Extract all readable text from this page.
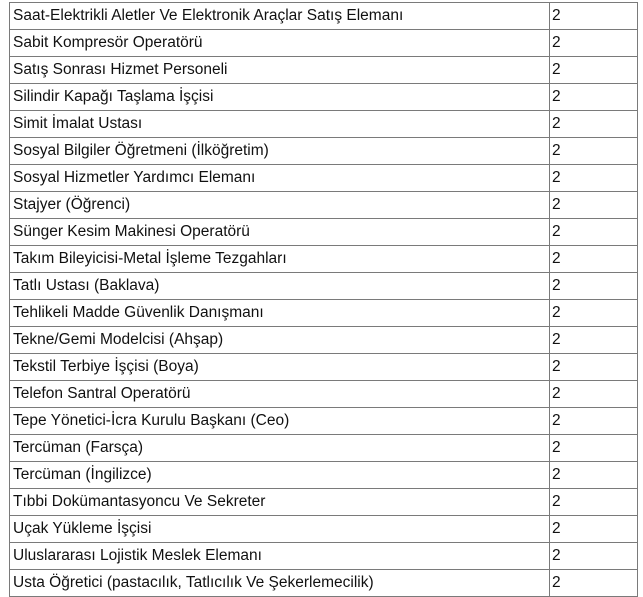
Saat-Elektrikli Aletler Ve Elektronik Araçlar Satış Elemanı	2
Sabit Kompresör Operatörü	2
Satış Sonrası Hizmet Personeli	2
Silindir Kapağı Taşlama İşçisi	2
Simit İmalat Ustası	2
Sosyal Bilgiler Öğretmeni (İlköğretim)	2
Sosyal Hizmetler Yardımcı Elemanı	2
Stajyer (Öğrenci)	2
Sünger Kesim Makinesi Operatörü	2
Takım Bileyicisi-Metal İşleme Tezgahları	2
Tatlı Ustası (Baklava)	2
Tehlikeli Madde Güvenlik Danışmanı	2
Tekne/Gemi Modelcisi (Ahşap)	2
Tekstil Terbiye İşçisi (Boya)	2
Telefon Santral Operatörü	2
Tepe Yönetici-İcra Kurulu Başkanı (Ceo)	2
Tercüman (Farsça)	2
Tercüman (İngilizce)	2
Tıbbi Dokümantasyoncu Ve Sekreter	2
Uçak Yükleme İşçisi	2
Uluslararası Lojistik Meslek Elemanı	2
Usta Öğretici (pastacılık, Tatlıcılık Ve Şekerlemecilik)	2
